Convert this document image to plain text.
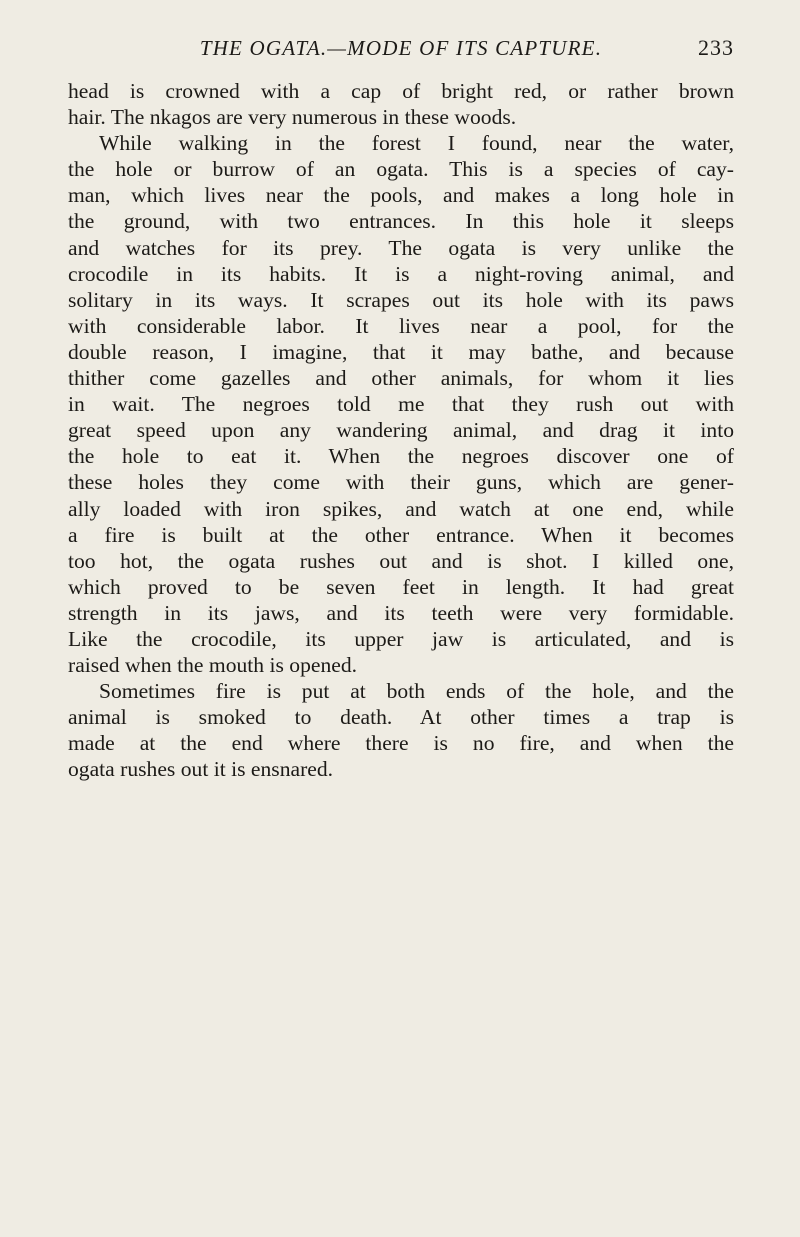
THE OGATA.—MODE OF ITS CAPTURE.	233
head is crowned with a cap of bright red, or rather brown
hair. The nkagos are very numerous in these woods.
While walking in the forest I found, near the water,
the hole or burrow of an ogata. This is a species of cay-
man, which lives near the pools, and makes a long hole in
the ground, with two entrances. In this hole it sleeps
and watches for its prey. The ogata is very unlike the
crocodile in its habits. It is a night-roving animal, and
solitary in its ways. It scrapes out its hole with its paws
with considerable labor. It lives near a pool, for the
double reason, I imagine, that it may bathe, and because
thither come gazelles and other animals, for whom it lies
in wait. The negroes told me that they rush out with
great speed upon any wandering animal, and drag it into
the hole to eat it. When the negroes discover one of
these holes they come with their guns, which are gener-
ally loaded with iron spikes, and watch at one end, while
a fire is built at the other entrance. When it becomes
too hot, the ogata rushes out and is shot. I killed one,
which proved to be seven feet in length. It had great
strength in its jaws, and its teeth were very formidable.
Like the crocodile, its upper jaw is articulated, and is
raised when the mouth is opened.
Sometimes fire is put at both ends of the hole, and the
animal is smoked to death. At other times a trap is
made at the end where there is no fire, and when the
ogata rushes out it is ensnared.
